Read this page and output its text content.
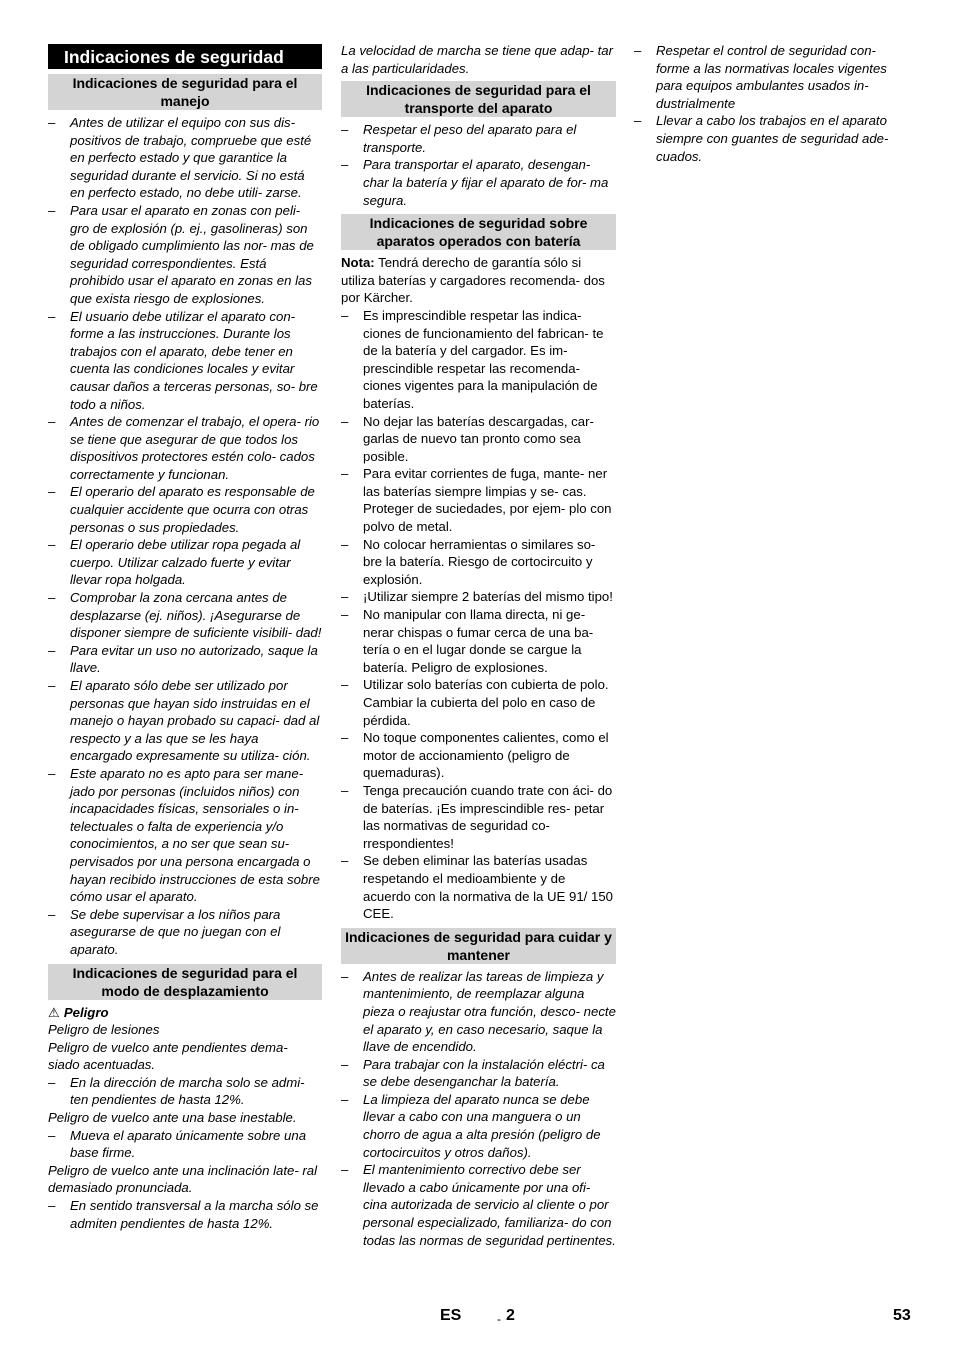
Indicaciones de seguridad
Indicaciones de seguridad para el manejo
– Antes de utilizar el equipo con sus dis- positivos de trabajo, compruebe que esté en perfecto estado y que garantice la seguridad durante el servicio. Si no está en perfecto estado, no debe utili- zarse.
– Para usar el aparato en zonas con peli- gro de explosión (p. ej., gasolineras) son de obligado cumplimiento las nor- mas de seguridad correspondientes. Está prohibido usar el aparato en zonas en las que exista riesgo de explosiones.
– El usuario debe utilizar el aparato con- forme a las instrucciones. Durante los trabajos con el aparato, debe tener en cuenta las condiciones locales y evitar causar daños a terceras personas, so- bre todo a niños.
– Antes de comenzar el trabajo, el opera- rio se tiene que asegurar de que todos los dispositivos protectores estén colo- cados correctamente y funcionan.
– El operario del aparato es responsable de cualquier accidente que ocurra con otras personas o sus propiedades.
– El operario debe utilizar ropa pegada al cuerpo. Utilizar calzado fuerte y evitar llevar ropa holgada.
– Comprobar la zona cercana antes de desplazarse (ej. niños). ¡Asegurarse de disponer siempre de suficiente visibili- dad!
– Para evitar un uso no autorizado, saque la llave.
– El aparato sólo debe ser utilizado por personas que hayan sido instruidas en el manejo o hayan probado su capaci- dad al respecto y a las que se les haya encargado expresamente su utiliza- ción.
– Este aparato no es apto para ser mane- jado por personas (incluidos niños) con incapacidades físicas, sensoriales o in- telectuales o falta de experiencia y/o conocimientos, a no ser que sean su- pervisados por una persona encargada o hayan recibido instrucciones de esta sobre cómo usar el aparato.
– Se debe supervisar a los niños para asegurarse de que no juegan con el aparato.
Indicaciones de seguridad para el modo de desplazamiento
⚠ Peligro

Peligro de lesiones

Peligro de vuelco ante pendientes dema- siado acentuadas.

– En la dirección de marcha solo se admi- ten pendientes de hasta 12%.

Peligro de vuelco ante una base inestable.

– Mueva el aparato únicamente sobre una base firme.

Peligro de vuelco ante una inclinación late- ral demasiado pronunciada.

– En sentido transversal a la marcha sólo se admiten pendientes de hasta 12%.

La velocidad de marcha se tiene que adap- tar a las particularidades.

Indicaciones de seguridad para el transporte del aparato
– Respetar el peso del aparato para el transporte.
– Para transportar el aparato, desengan- char la batería y fijar el aparato de for- ma segura.
Indicaciones de seguridad sobre aparatos operados con batería

Nota: Tendrá derecho de garantía sólo si utiliza baterías y cargadores recomenda- dos por Kärcher.

– Es imprescindible respetar las indica- ciones de funcionamiento del fabrican- te de la batería y del cargador. Es im- prescindible respetar las recomenda- ciones vigentes para la manipulación de baterías.
– No dejar las baterías descargadas, car- garlas de nuevo tan pronto como sea posible.
– Para evitar corrientes de fuga, mante- ner las baterías siempre limpias y se- cas. Proteger de suciedades, por ejem- plo con polvo de metal.
– No colocar herramientas o similares so- bre la batería. Riesgo de cortocircuito y explosión.
– ¡Utilizar siempre 2 baterías del mismo tipo!
– No manipular con llama directa, ni ge- nerar chispas o fumar cerca de una ba- tería o en el lugar donde se cargue la batería. Peligro de explosiones.
– Utilizar solo baterías con cubierta de polo. Cambiar la cubierta del polo en caso de pérdida.
– No toque componentes calientes, como el motor de accionamiento (peligro de quemaduras).
– Tenga precaución cuando trate con áci- do de baterías. ¡Es imprescindible res- petar las normativas de seguridad co- rrespondientes!
– Se deben eliminar las baterías usadas respetando el medioambiente y de acuerdo con la normativa de la UE 91/ 150 CEE.
Indicaciones de seguridad para cuidar y mantener
– Antes de realizar las tareas de limpieza y mantenimiento, de reemplazar alguna pieza o reajustar otra función, desco- necte el aparato y, en caso necesario, saque la llave de encendido.
– Para trabajar con la instalación eléctri- ca se debe desenganchar la batería.
– La limpieza del aparato nunca se debe llevar a cabo con una manguera o un chorro de agua a alta presión (peligro de cortocircuitos y otros daños).
– El mantenimiento correctivo debe ser llevado a cabo únicamente por una ofi- cina autorizada de servicio al cliente o por personal especializado, familiariza- do con todas las normas de seguridad pertinentes.
– Respetar el control de seguridad con- forme a las normativas locales vigentes para equipos ambulantes usados in- dustrialmente
– Llevar a cabo los trabajos en el aparato siempre con guantes de seguridad ade- cuados.
ES	- 2	53
